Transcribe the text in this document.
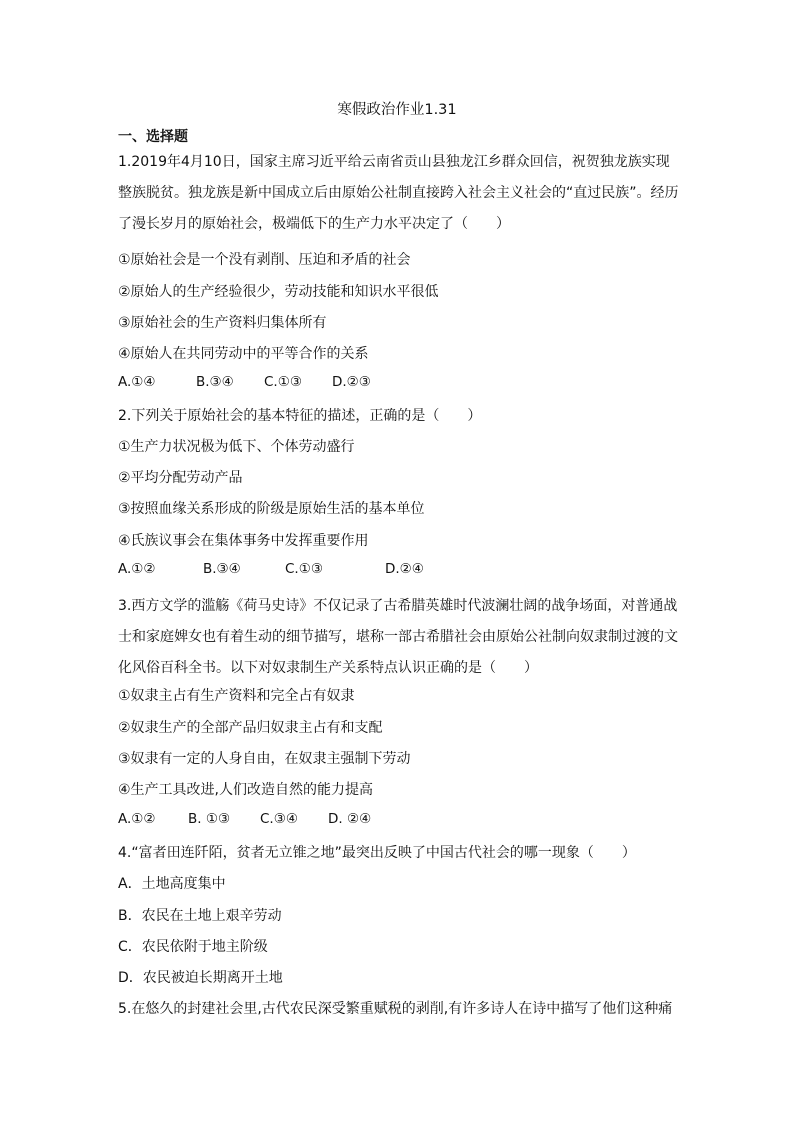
寒假政治作业1.31
一、选择题
1.2019年4月10日，国家主席习近平给云南省贡山县独龙江乡群众回信，祝贺独龙族实现整族脱贫。独龙族是新中国成立后由原始公社制直接跨入社会主义社会的“直过民族”。经历了漫长岁月的原始社会，极端低下的生产力水平决定了（　　）
①原始社会是一个没有剥削、压迫和矛盾的社会
②原始人的生产经验很少，劳动技能和知识水平很低
③原始社会的生产资料归集体所有
④原始人在共同劳动中的平等合作的关系
A.①④	B.③④ C.①③ D.②③
2.下列关于原始社会的基本特征的描述，正确的是（　　）
①生产力状况极为低下、个体劳动盛行
②平均分配劳动产品
③按照血缘关系形成的阶级是原始生活的基本单位
④氏族议事会在集体事务中发挥重要作用
A.①②	B.③④	C.①③	D.②④
3.西方文学的滥觞《荷马史诗》不仅记录了古希腊英雄时代波澜壮阔的战争场面，对普通战士和家庭婢女也有着生动的细节描写，堪称一部古希腊社会由原始公社制向奴隶制过渡的文化风俗百科全书。以下对奴隶制生产关系特点认识正确的是（　　）
①奴隶主占有生产资料和完全占有奴隶
②奴隶生产的全部产品归奴隶主占有和支配
③奴隶有一定的人身自由，在奴隶主强制下劳动
④生产工具改进,人们改造自然的能力提高
A.①② B. ①③ C.③④ D. ②④
4.“富者田连阡陌，贫者无立锥之地”最突出反映了中国古代社会的哪一现象（　　）
A．土地高度集中
B．农民在土地上艰辛劳动
C．农民依附于地主阶级
D．农民被迫长期离开土地
5.在悠久的封建社会里,古代农民深受繁重赋税的剥削,有许多诗人在诗中描写了他们这种痛
